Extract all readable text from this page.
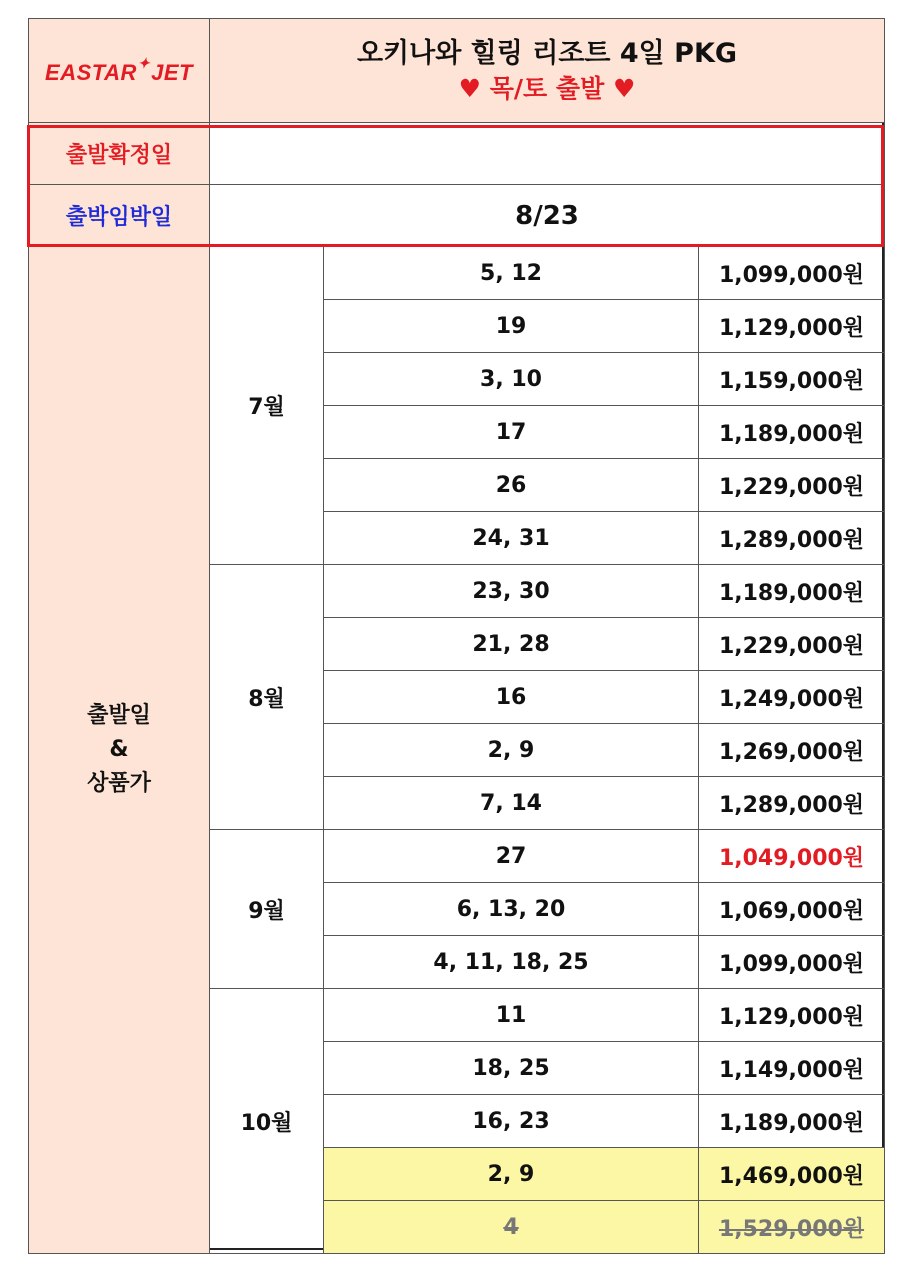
EASTAR✦JET	오키나와 힐링 리조트 4일 PKG
♥ 목/토 출발 ♥		

출발확정일			
출박임박일	8/23		

출발일
&
상품가	7월	5, 12	1,099,000원
		19	1,129,000원
		3, 10	1,159,000원
		17	1,189,000원
		26	1,229,000원
		24, 31	1,289,000원
	8월	23, 30	1,189,000원
		21, 28	1,229,000원
		16	1,249,000원
		2, 9	1,269,000원
		7, 14	1,289,000원
	9월	27	1,049,000원
		6, 13, 20	1,069,000원
		4, 11, 18, 25	1,099,000원
	10월	11	1,129,000원
		18, 25	1,149,000원
		16, 23	1,189,000원
		2, 9	1,469,000원
		4	1,529,000원
